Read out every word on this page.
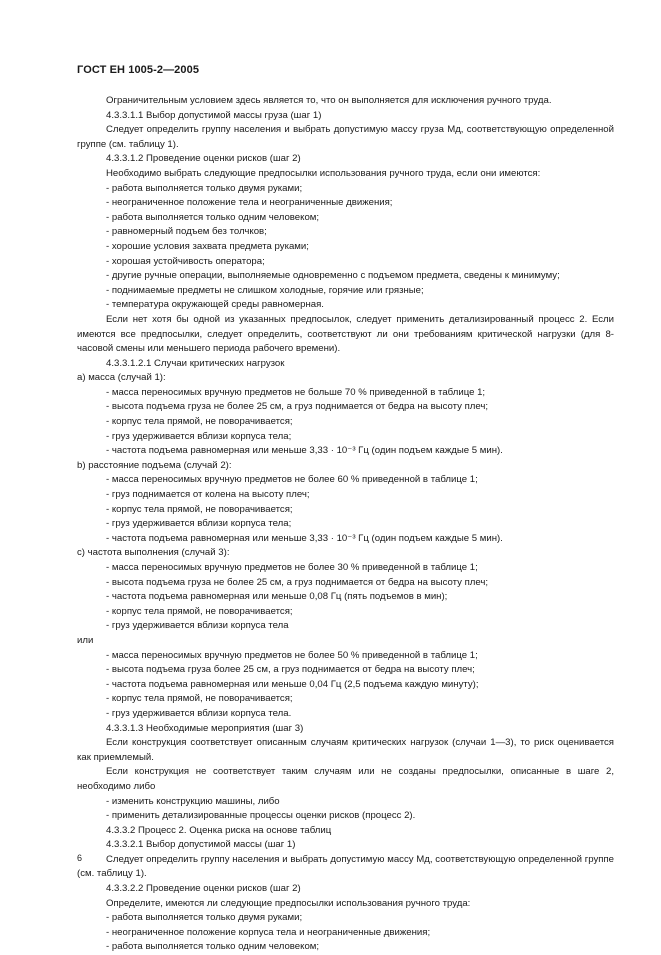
ГОСТ ЕН 1005-2—2005

Ограничительным условием здесь является то, что он выполняется для исключения ручного труда.

4.3.3.1.1 Выбор допустимой массы груза (шаг 1)

Следует определить группу населения и выбрать допустимую массу груза Mд, соответствующую определенной группе (см. таблицу 1).

4.3.3.1.2 Проведение оценки рисков (шаг 2)

Необходимо выбрать следующие предпосылки использования ручного труда, если они имеются:

- работа выполняется только двумя руками;

- неограниченное положение тела и неограниченные движения;

- работа выполняется только одним человеком;

- равномерный подъем без толчков;

- хорошие условия захвата предмета руками;

- хорошая устойчивость оператора;

- другие ручные операции, выполняемые одновременно с подъемом предмета, сведены к минимуму;

- поднимаемые предметы не слишком холодные, горячие или грязные;

- температура окружающей среды равномерная.

Если нет хотя бы одной из указанных предпосылок, следует применить детализированный процесс 2. Если имеются все предпосылки, следует определить, соответствуют ли они требованиям критической нагрузки (для 8-часовой смены или меньшего периода рабочего времени).

4.3.3.1.2.1 Случаи критических нагрузок

a) масса (случай 1):

- масса переносимых вручную предметов не больше 70 % приведенной в таблице 1;

- высота подъема груза не более 25 см, а груз поднимается от бедра на высоту плеч;

- корпус тела прямой, не поворачивается;

- груз удерживается вблизи корпуса тела;

- частота подъема равномерная или меньше 3,33 · 10⁻³ Гц (один подъем каждые 5 мин).

b) расстояние подъема (случай 2):

- масса переносимых вручную предметов не более 60 % приведенной в таблице 1;

- груз поднимается от колена на высоту плеч;

- корпус тела прямой, не поворачивается;

- груз удерживается вблизи корпуса тела;

- частота подъема равномерная или меньше 3,33 · 10⁻³ Гц (один подъем каждые 5 мин).

c) частота выполнения (случай 3):

- масса переносимых вручную предметов не более 30 % приведенной в таблице 1;

- высота подъема груза не более 25 см, а груз поднимается от бедра на высоту плеч;

- частота подъема равномерная или меньше 0,08 Гц (пять подъемов в мин);

- корпус тела прямой, не поворачивается;

- груз удерживается вблизи корпуса тела

или

- масса переносимых вручную предметов не более 50 % приведенной в таблице 1;

- высота подъема груза более 25 см, а груз поднимается от бедра на высоту плеч;

- частота подъема равномерная или меньше 0,04 Гц (2,5 подъема каждую минуту);

- корпус тела прямой, не поворачивается;

- груз удерживается вблизи корпуса тела.

4.3.3.1.3 Необходимые мероприятия (шаг 3)

Если конструкция соответствует описанным случаям критических нагрузок (случаи 1—3), то риск оценивается как приемлемый.

Если конструкция не соответствует таким случаям или не созданы предпосылки, описанные в шаге 2, необходимо либо

- изменить конструкцию машины, либо

- применить детализированные процессы оценки рисков (процесс 2).

4.3.3.2 Процесс 2. Оценка риска на основе таблиц

4.3.3.2.1 Выбор допустимой массы (шаг 1)

Следует определить группу населения и выбрать допустимую массу Mд, соответствующую определенной группе (см. таблицу 1).

4.3.3.2.2 Проведение оценки рисков (шаг 2)

Определите, имеются ли следующие предпосылки использования ручного труда:

- работа выполняется только двумя руками;

- неограниченное положение корпуса тела и неограниченные движения;

- работа выполняется только одним человеком;

6
